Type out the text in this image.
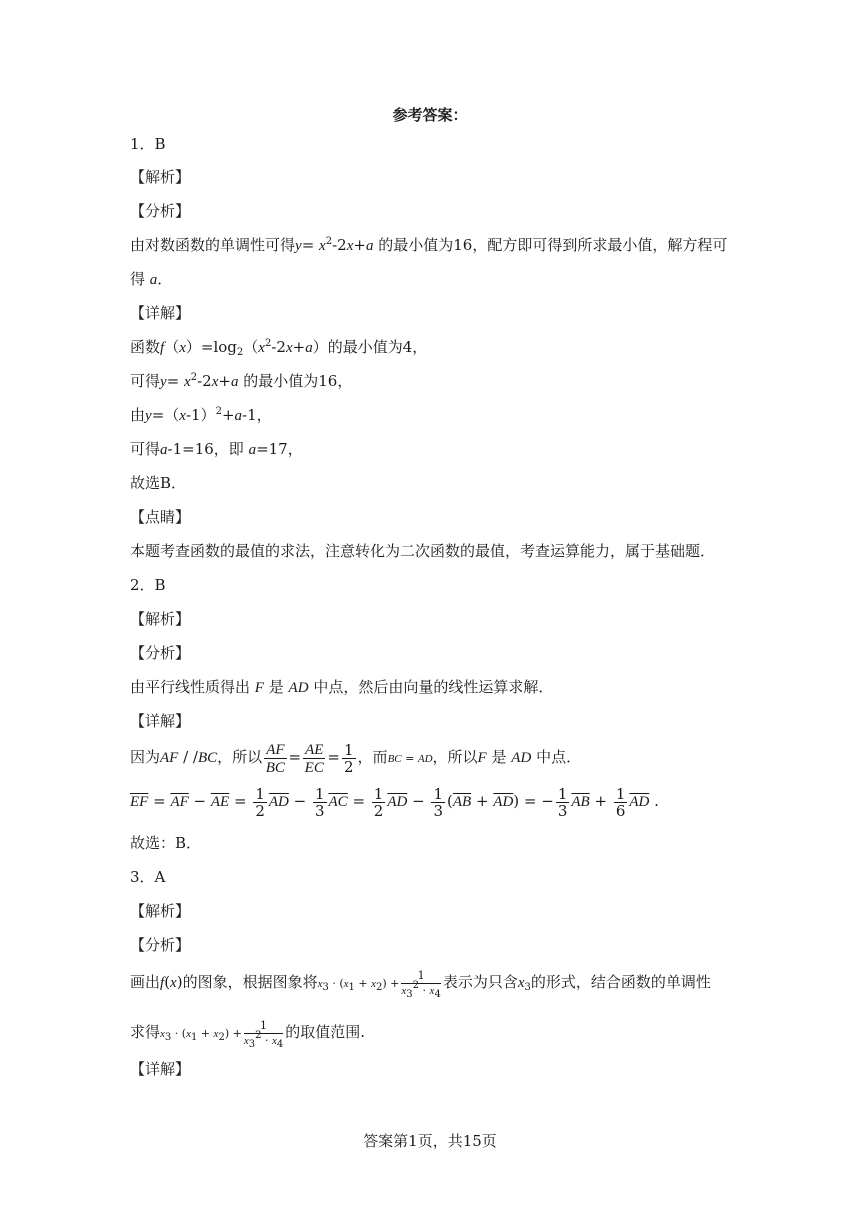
参考答案：
1．B
【解析】
【分析】
由对数函数的单调性可得$y= x^2-2x+a$ 的最小值为16，配方即可得到所求最小值，解方程可
得 a．
【详解】
函数$f(x)=\log_2(x^2-2x+a)$的最小值为4，
可得$y= x^2-2x+a$ 的最小值为16，
由$y=(x-1)^2+a-1$，
可得a-1=16，即 a=17，
故选B．
【点睛】
本题考查函数的最值的求法，注意转化为二次函数的最值，考查运算能力，属于基础题．
2．B
【解析】
【分析】
由平行线性质得出 F 是 AD 中点，然后由向量的线性运算求解．
【详解】
因为AF / /BC，所以 $\frac{AF}{BC} = \frac{AE}{EC} = \frac{1}{2}$ ，而BC = AD，所以F 是 AD 中点．
$\overline{EF} = \overline{AF} - \overline{AE} = \frac{1}{2} \overline{AD} - \frac{1}{3} \overline{AC} = \frac{1}{2} \overline{AD} - \frac{1}{3} (\overline{AB} + \overline{AD})$ = − $\frac{1}{3} \overline{AB} + \frac{1}{6} \overline{AD}$ .
故选：B．
3．A
【解析】
【分析】
画出f(x)的图象，根据图象将$x_3 \cdot (x_1 + x_2) + \frac{1}{x_3^2 \cdot x_4}$ 表示为只含$x_3$的形式，结合函数的单调性
求得$x_3 \cdot (x_1 + x_2) + \frac{1}{x_3^2 \cdot x_4}$ 的取值范围.
【详解】
答案第1页，共15页
